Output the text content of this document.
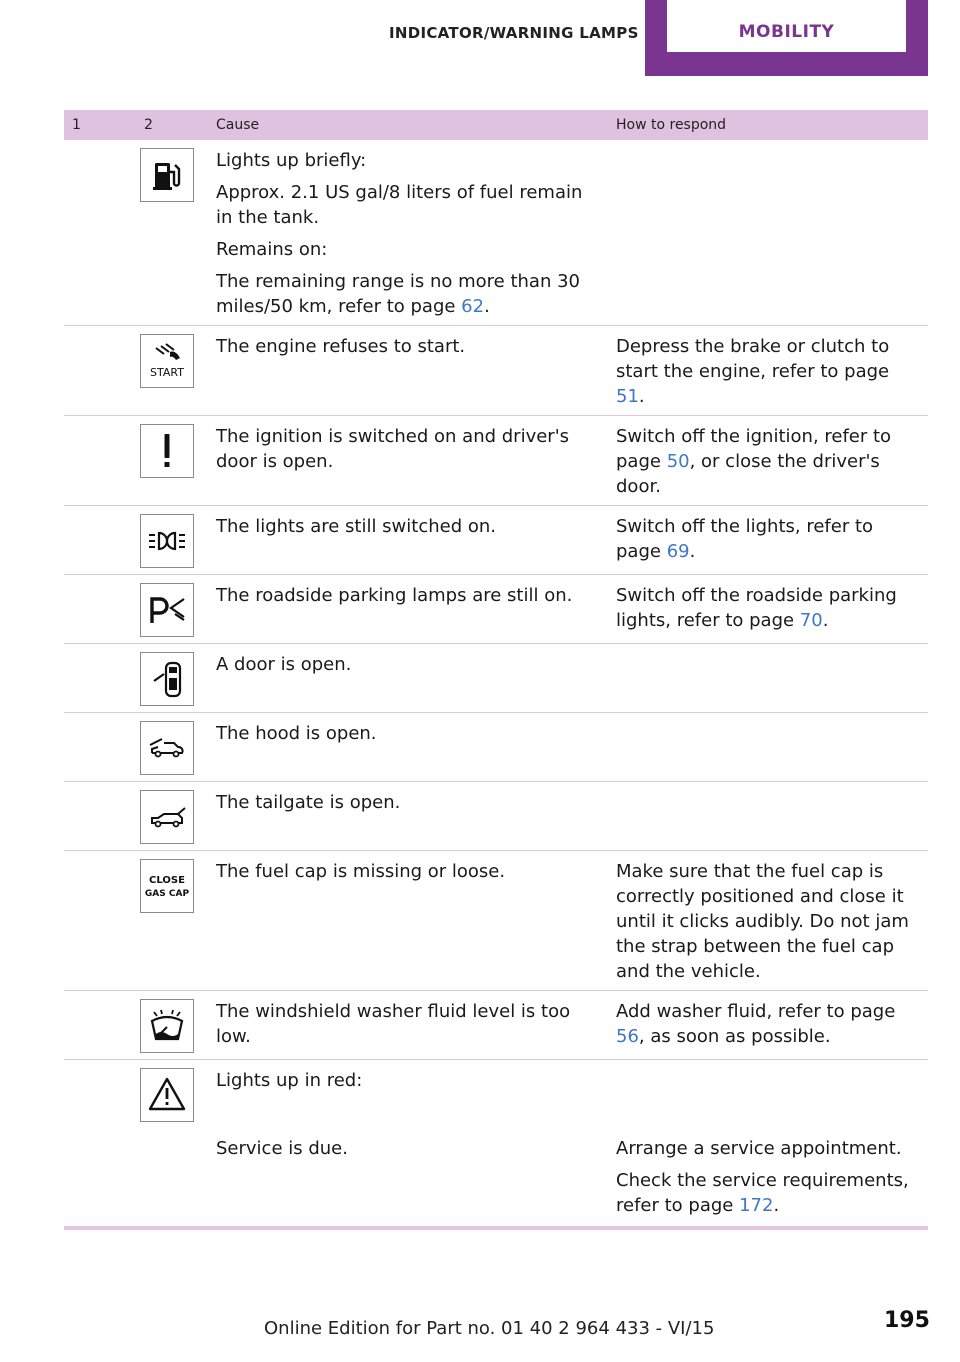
INDICATOR/WARNING LAMPS	MOBILITY
1	2	Cause	How to respond

Lights up briefly:

Approx. 2.1 US gal/8 liters of fuel remain in the tank.

Remains on:

The remaining range is no more than 30 miles/50 km, refer to page 62.	

START	The engine refuses to start.	Depress the brake or clutch to start the engine, refer to page 51.

The ignition is switched on and driver's door is open.	Switch off the ignition, refer to page 50, or close the driver's door.

The lights are still switched on.	Switch off the lights, refer to page 69.

The roadside parking lamps are still on.	Switch off the roadside parking lights, refer to page 70.

A door is open.	

The hood is open.	

The tailgate is open.	

CLOSE
GAS CAP	The fuel cap is missing or loose.	Make sure that the fuel cap is correctly positioned and close it until it clicks audibly. Do not jam the strap between the fuel cap and the vehicle.

The windshield washer fluid level is too low.	Add washer fluid, refer to page 56, as soon as possible.

Lights up in red:	

		Service is due.	Arrange a service appointment.

Check the service requirements, refer to page 172.

Online Edition for Part no. 01 40 2 964 433 - VI/15	195
